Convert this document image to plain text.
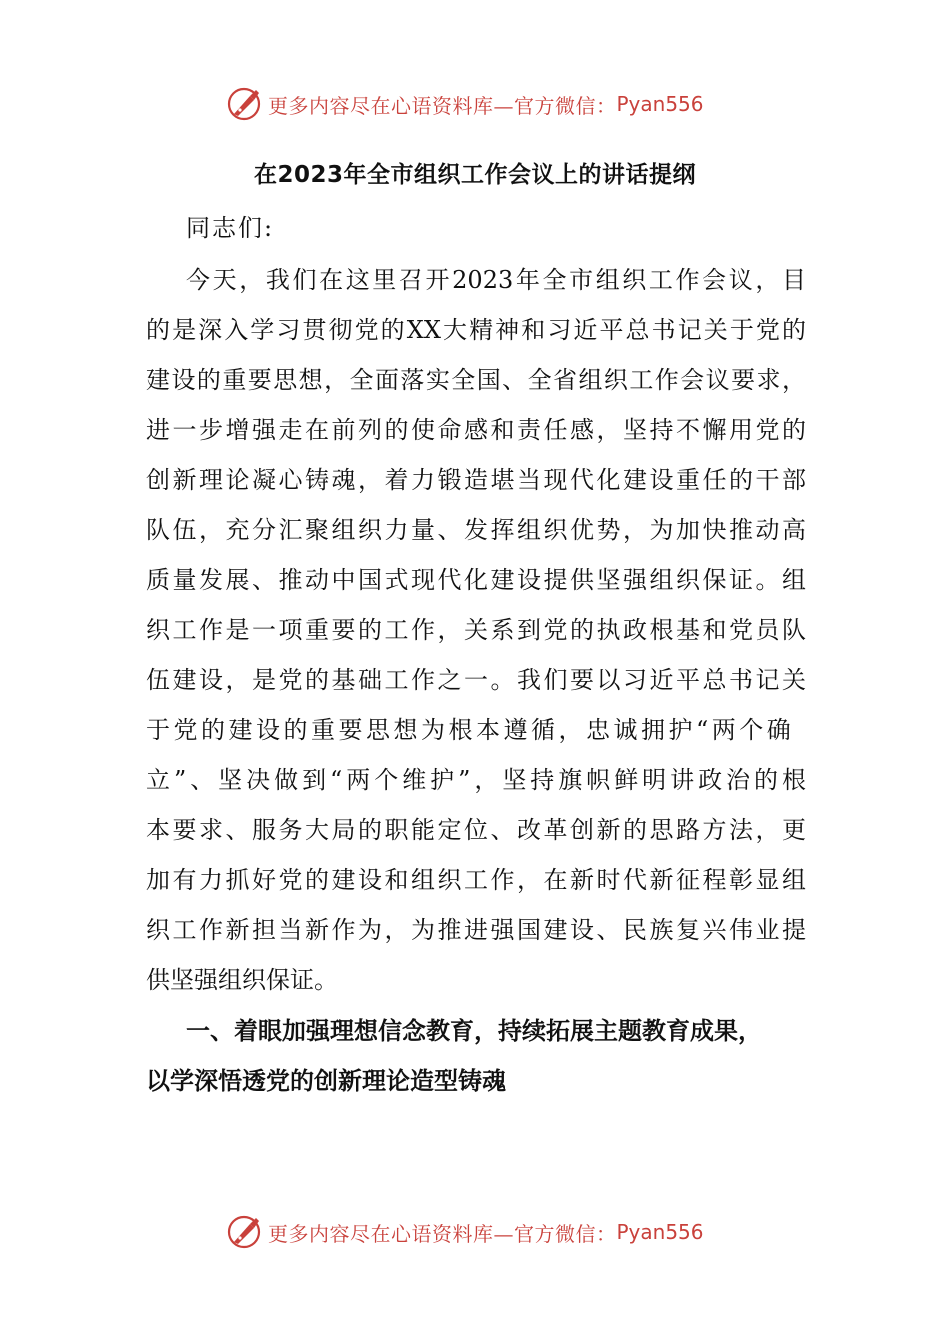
更多内容尽在心语资料库—官方微信： Pyan556
在2023年全市组织工作会议上的讲话提纲
同志们:
今天，我们在这里召开2023年全市组织工作会议，目
的是深入学习贯彻党的XX大精神和习近平总书记关于党的
建设的重要思想，全面落实全国、全省组织工作会议要求，
进一步增强走在前列的使命感和责任感，坚持不懈用党的
创新理论凝心铸魂，着力锻造堪当现代化建设重任的干部
队伍，充分汇聚组织力量、发挥组织优势，为加快推动高
质量发展、推动中国式现代化建设提供坚强组织保证。组
织工作是一项重要的工作，关系到党的执政根基和党员队
伍建设，是党的基础工作之一。我们要以习近平总书记关
于党的建设的重要思想为根本遵循，忠诚拥护“两个确
立”、坚决做到“两个维护”，坚持旗帜鲜明讲政治的根
本要求、服务大局的职能定位、改革创新的思路方法，更
加有力抓好党的建设和组织工作，在新时代新征程彰显组
织工作新担当新作为，为推进强国建设、民族复兴伟业提
供坚强组织保证。
一、着眼加强理想信念教育，持续拓展主题教育成果，
以学深悟透党的创新理论造型铸魂
更多内容尽在心语资料库—官方微信： Pyan556
